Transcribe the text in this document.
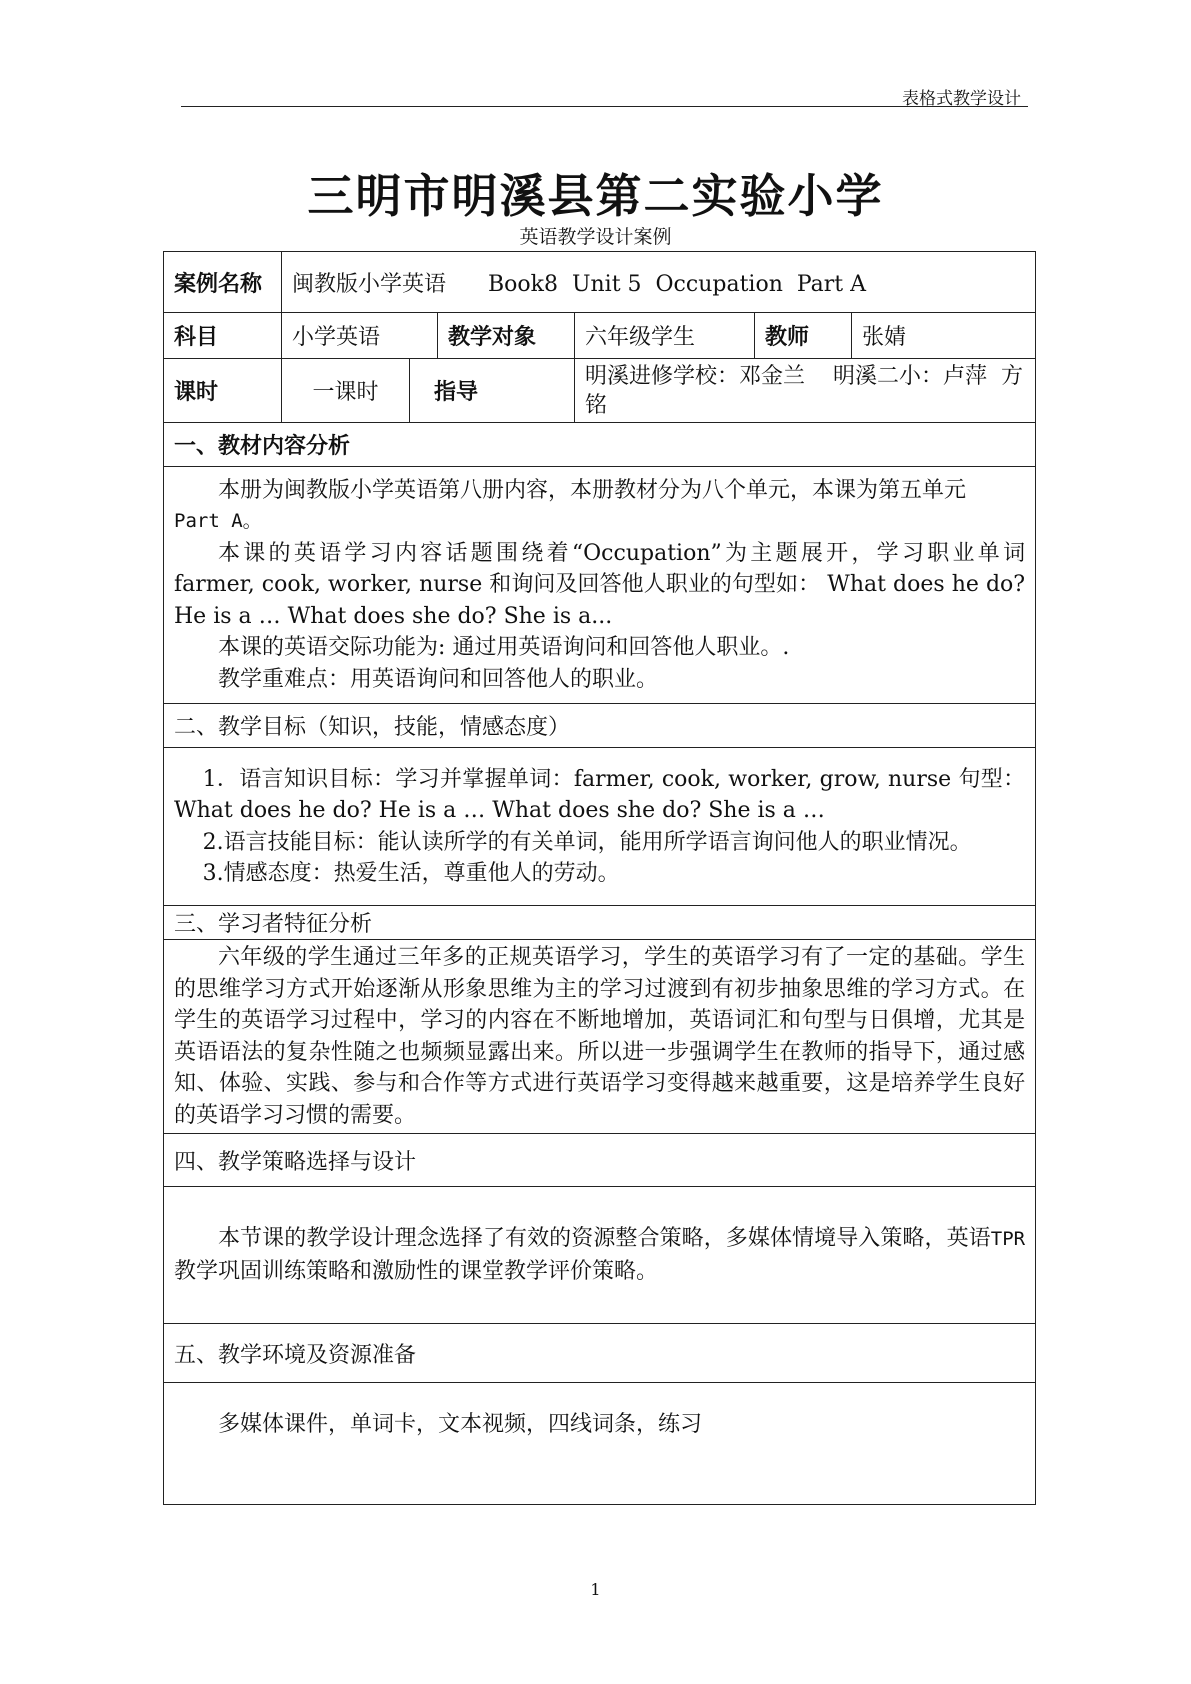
表格式教学设计
三明市明溪县第二实验小学
英语教学设计案例
案例名称	闽教版小学英语 Book8  Unit 5  Occupation  Part A					
科目	小学英语		教学对象	六年级学生	教师	张婧
课时	一课时	指导		明溪进修学校：邓金兰    明溪二小：卢萍  方铭		
一、教材内容分析						

本册为闽教版小学英语第八册内容，本册教材分为八个单元，本课为第五单元

Part A。

本课的英语学习内容话题围绕着“Occupation”为主题展开，学习职业单词 farmer, cook, worker, nurse 和询问及回答他人职业的句型如： What does he do? He is a … What does she do? She is a...

本课的英语交际功能为: 通过用英语询问和回答他人职业。.

教学重难点：用英语询问和回答他人的职业。						

二、教学目标（知识，技能，情感态度）						

1．语言知识目标：学习并掌握单词：farmer, cook, worker, grow, nurse 句型：What does he do? He is a … What does she do? She is a …

2.语言技能目标：能认读所学的有关单词，能用所学语言询问他人的职业情况。

3.情感态度：热爱生活，尊重他人的劳动。						

三、学习者特征分析						

六年级的学生通过三年多的正规英语学习，学生的英语学习有了一定的基础。学生的思维学习方式开始逐渐从形象思维为主的学习过渡到有初步抽象思维的学习方式。在学生的英语学习过程中，学习的内容在不断地增加，英语词汇和句型与日俱增，尤其是英语语法的复杂性随之也频频显露出来。所以进一步强调学生在教师的指导下，通过感知、体验、实践、参与和合作等方式进行英语学习变得越来越重要，这是培养学生良好的英语学习习惯的需要。						

四、教学策略选择与设计						

本节课的教学设计理念选择了有效的资源整合策略，多媒体情境导入策略，英语TPR教学巩固训练策略和激励性的课堂教学评价策略。						

五、教学环境及资源准备						

多媒体课件，单词卡，文本视频，四线词条，练习						

1
